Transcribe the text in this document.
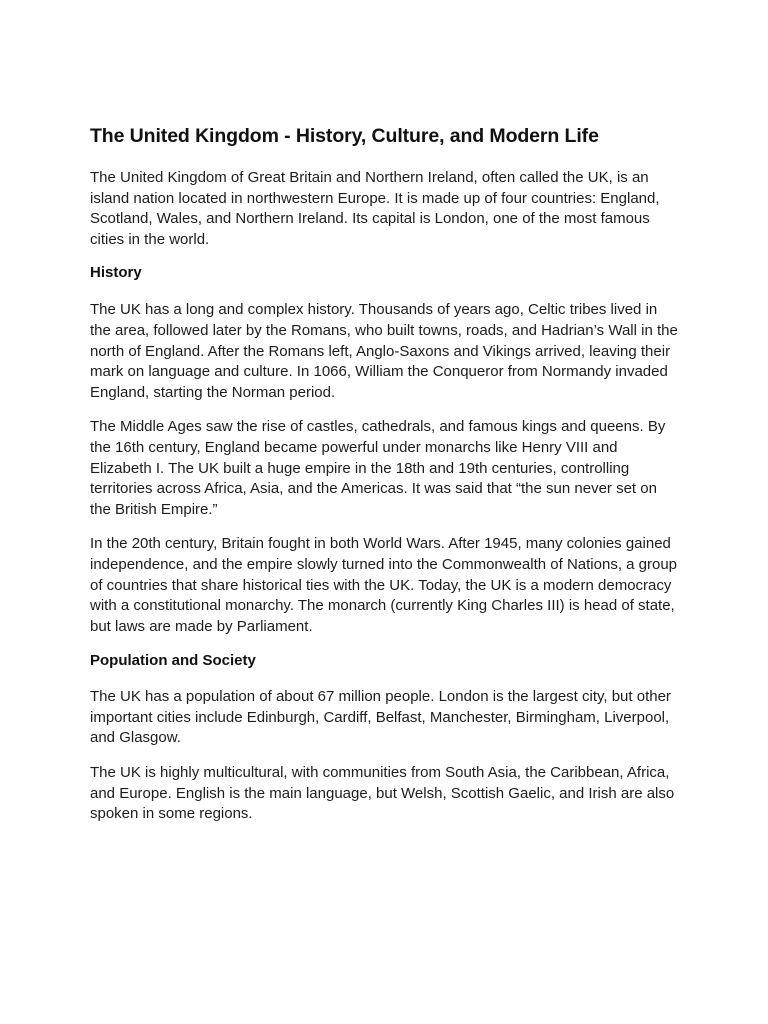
The United Kingdom - History, Culture, and Modern Life

The United Kingdom of Great Britain and Northern Ireland, often called the UK, is an island nation located in northwestern Europe. It is made up of four countries: England, Scotland, Wales, and Northern Ireland. Its capital is London, one of the most famous cities in the world.

History

The UK has a long and complex history. Thousands of years ago, Celtic tribes lived in the area, followed later by the Romans, who built towns, roads, and Hadrian’s Wall in the north of England. After the Romans left, Anglo-Saxons and Vikings arrived, leaving their mark on language and culture. In 1066, William the Conqueror from Normandy invaded England, starting the Norman period.

The Middle Ages saw the rise of castles, cathedrals, and famous kings and queens. By the 16th century, England became powerful under monarchs like Henry VIII and Elizabeth I. The UK built a huge empire in the 18th and 19th centuries, controlling territories across Africa, Asia, and the Americas. It was said that “the sun never set on the British Empire.”

In the 20th century, Britain fought in both World Wars. After 1945, many colonies gained independence, and the empire slowly turned into the Commonwealth of Nations, a group of countries that share historical ties with the UK. Today, the UK is a modern democracy with a constitutional monarchy. The monarch (currently King Charles III) is head of state, but laws are made by Parliament.

Population and Society

The UK has a population of about 67 million people. London is the largest city, but other important cities include Edinburgh, Cardiff, Belfast, Manchester, Birmingham, Liverpool, and Glasgow.

The UK is highly multicultural, with communities from South Asia, the Caribbean, Africa, and Europe. English is the main language, but Welsh, Scottish Gaelic, and Irish are also spoken in some regions.
